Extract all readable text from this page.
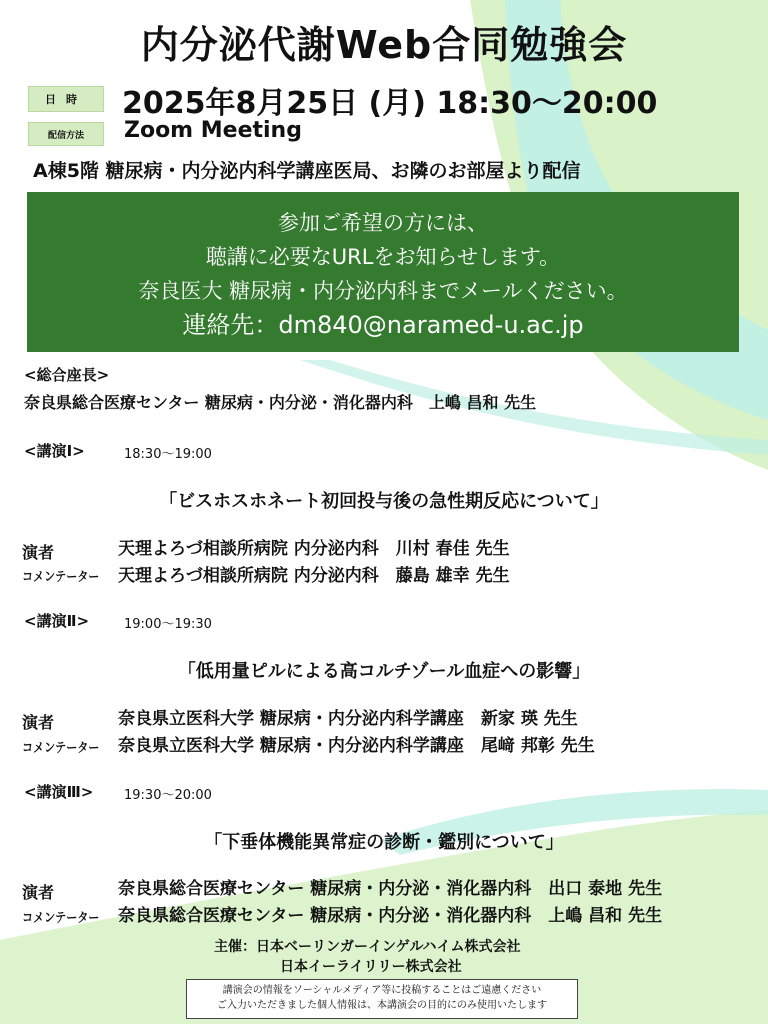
内分泌代謝Web合同勉強会
日時	2025年8月25日 (月) 18:30〜20:00
配信方法	Zoom Meeting
A棟5階 糖尿病・内分泌内科学講座医局、お隣のお部屋より配信
参加ご希望の方には、
聴講に必要なURLをお知らせします。
奈良医大 糖尿病・内分泌内科までメールください。
連絡先：dm840@naramed-u.ac.jp
<総合座長>
奈良県総合医療センター 糖尿病・内分泌・消化器内科　上嶋 昌和 先生
<講演Ⅰ>	18:30〜19:00
「ビスホスホネート初回投与後の急性期反応について」
演者	天理よろづ相談所病院 内分泌内科　川村 春佳 先生
コメンテーター 天理よろづ相談所病院 内分泌内科　藤島 雄幸 先生
<講演Ⅱ>	19:00〜19:30
「低用量ピルによる高コルチゾール血症への影響」
演者	奈良県立医科大学 糖尿病・内分泌内科学講座　新家 瑛 先生
コメンテーター 奈良県立医科大学 糖尿病・内分泌内科学講座　尾﨑 邦彰 先生
<講演Ⅲ> 19:30〜20:00
「下垂体機能異常症の診断・鑑別について」
演者	奈良県総合医療センター 糖尿病・内分泌・消化器内科　出口 泰地 先生
コメンテーター 奈良県総合医療センター 糖尿病・内分泌・消化器内科　上嶋 昌和 先生
主催：日本ベーリンガーインゲルハイム株式会社
日本イーライリリー株式会社
講演会の情報をソーシャルメディア等に投稿することはご遠慮ください
ご入力いただきました個人情報は、本講演会の目的にのみ使用いたします
